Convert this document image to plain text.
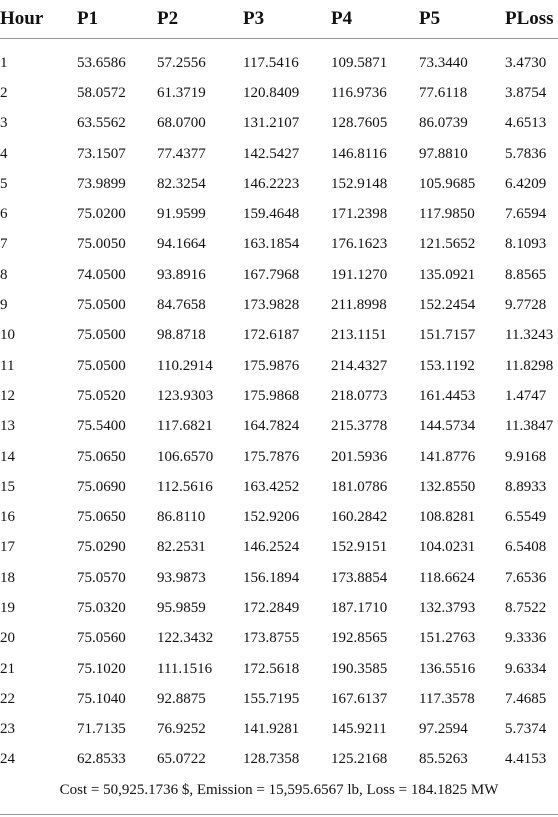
Hour	P1	P2	P3	P4	P5	PLoss

1	53.6586	57.2556	117.5416	109.5871	73.3440	3.4730
2	58.0572	61.3719	120.8409	116.9736	77.6118	3.8754
3	63.5562	68.0700	131.2107	128.7605	86.0739	4.6513
4	73.1507	77.4377	142.5427	146.8116	97.8810	5.7836
5	73.9899	82.3254	146.2223	152.9148	105.9685	6.4209
6	75.0200	91.9599	159.4648	171.2398	117.9850	7.6594
7	75.0050	94.1664	163.1854	176.1623	121.5652	8.1093
8	74.0500	93.8916	167.7968	191.1270	135.0921	8.8565
9	75.0500	84.7658	173.9828	211.8998	152.2454	9.7728
10	75.0500	98.8718	172.6187	213.1151	151.7157	11.3243
11	75.0500	110.2914	175.9876	214.4327	153.1192	11.8298
12	75.0520	123.9303	175.9868	218.0773	161.4453	1.4747
13	75.5400	117.6821	164.7824	215.3778	144.5734	11.3847
14	75.0650	106.6570	175.7876	201.5936	141.8776	9.9168
15	75.0690	112.5616	163.4252	181.0786	132.8550	8.8933
16	75.0650	86.8110	152.9206	160.2842	108.8281	6.5549
17	75.0290	82.2531	146.2524	152.9151	104.0231	6.5408
18	75.0570	93.9873	156.1894	173.8854	118.6624	7.6536
19	75.0320	95.9859	172.2849	187.1710	132.3793	8.7522
20	75.0560	122.3432	173.8755	192.8565	151.2763	9.3336
21	75.1020	111.1516	172.5618	190.3585	136.5516	9.6334
22	75.1040	92.8875	155.7195	167.6137	117.3578	7.4685
23	71.7135	76.9252	141.9281	145.9211	97.2594	5.7374
24	62.8533	65.0722	128.7358	125.2168	85.5263	4.4153
Cost = 50,925.1736 $, Emission = 15,595.6567 lb, Loss = 184.1825 MW
